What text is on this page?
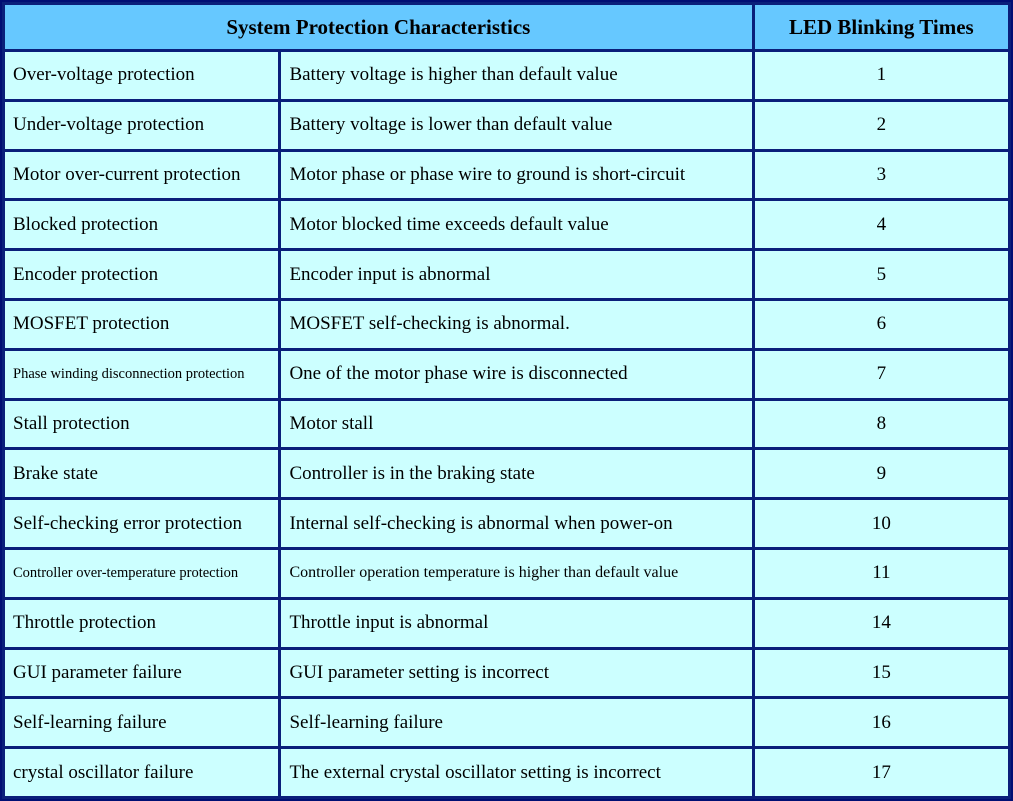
System Protection Characteristics		LED Blinking Times
Over-voltage protection	Battery voltage is higher than default value	1
Under-voltage protection	Battery voltage is lower than default value	2
Motor over-current protection	Motor phase or phase wire to ground is short-circuit	3
Blocked protection	Motor blocked time exceeds default value	4
Encoder protection	Encoder input is abnormal	5
MOSFET protection	MOSFET self-checking is abnormal.	6
Phase winding disconnection protection	One of the motor phase wire is disconnected	7
Stall protection	Motor stall	8
Brake state	Controller is in the braking state	9
Self-checking error protection	Internal self-checking is abnormal when power-on	10
Controller over-temperature protection	Controller operation temperature is higher than default value	11
Throttle protection	Throttle input is abnormal	14
GUI parameter failure	GUI parameter setting is incorrect	15
Self-learning failure	Self-learning failure	16
crystal oscillator failure	The external crystal oscillator setting is incorrect	17
